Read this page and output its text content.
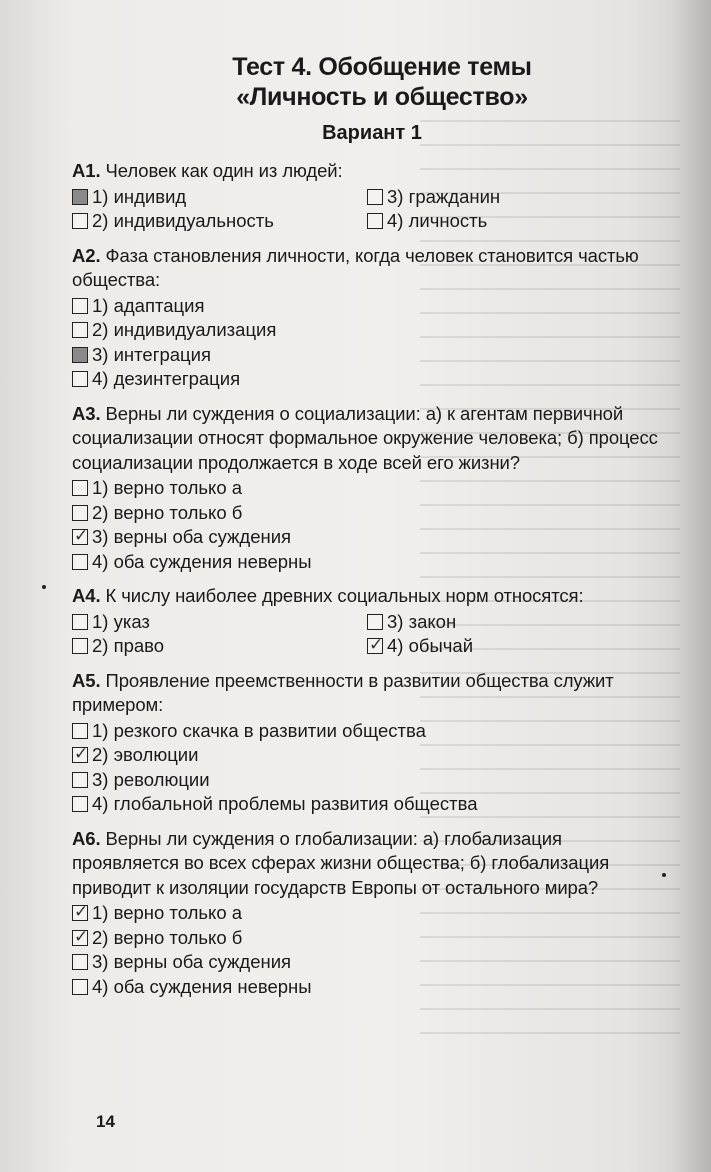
Тест 4. Обобщение темы
«Личность и общество»
Вариант 1
А1. Человек как один из людей:
1) индивид
2) индивидуальность
3) гражданин
4) личность
А2. Фаза становления личности, когда человек становится частью общества:
1) адаптация
2) индивидуализация
3) интеграция
4) дезинтеграция
А3. Верны ли суждения о социализации: а) к агентам первичной социализации относят формальное окружение человека; б) процесс социализации продолжается в ходе всей его жизни?
1) верно только а
2) верно только б
✓
3) верны оба суждения
4) оба суждения неверны
А4. К числу наиболее древних социальных норм относятся:
1) указ
2) право
3) закон
✓
4) обычай
А5. Проявление преемственности в развитии общества служит примером:
1) резкого скачка в развитии общества
✓
2) эволюции
3) революции
4) глобальной проблемы развития общества
А6. Верны ли суждения о глобализации: а) глобализация проявляется во всех сферах жизни общества; б) глобализация приводит к изоляции государств Европы от остального мира?
✓
1) верно только а
✓
2) верно только б
3) верны оба суждения
4) оба суждения неверны
14
